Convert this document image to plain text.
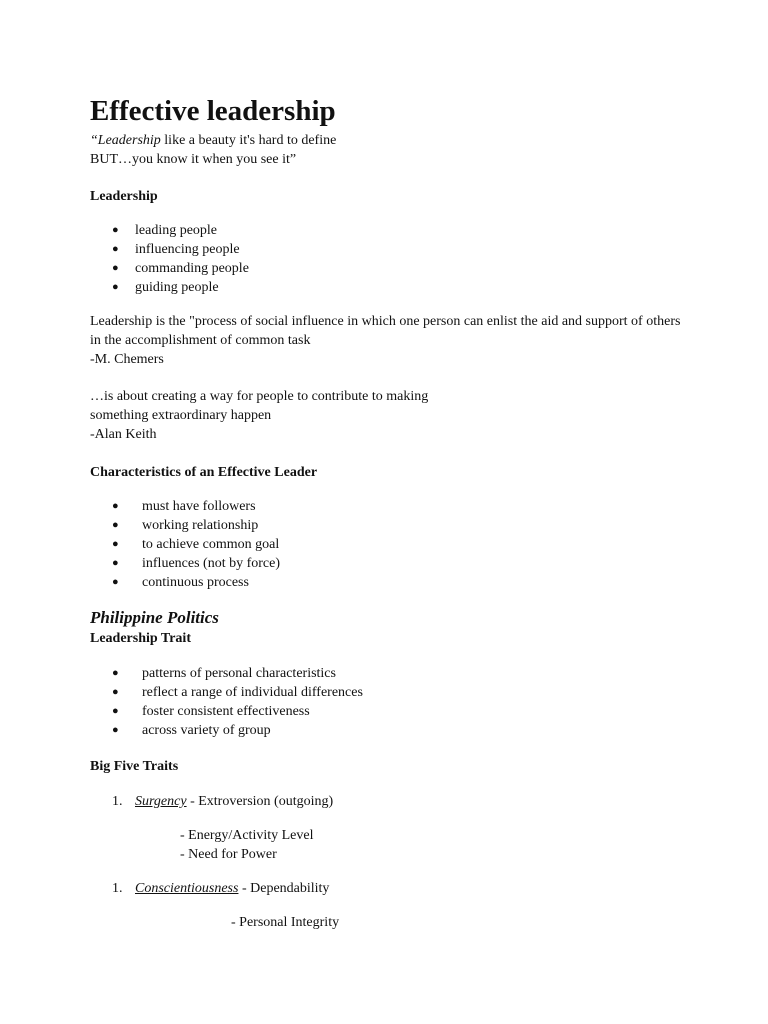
Effective leadership
“Leadership like a beauty it's hard to define
BUT…you know it when you see it”
Leadership
● leading people
● influencing people
● commanding people
● guiding people
Leadership is the "process of social influence in which one person can enlist the aid and support of others
in the accomplishment of common task
-M. Chemers
…is about creating a way for people to contribute to making
something extraordinary happen
-Alan Keith
Characteristics of an Effective Leader
● must have followers
● working relationship
● to achieve common goal
● influences (not by force)
● continuous process
Philippine Politics
Leadership Trait
● patterns of personal characteristics
● reflect a range of individual differences
● foster consistent effectiveness
● across variety of group
Big Five Traits
1. Surgency - Extroversion (outgoing)
- Energy/Activity Level
- Need for Power
1. Conscientiousness - Dependability
- Personal Integrity
